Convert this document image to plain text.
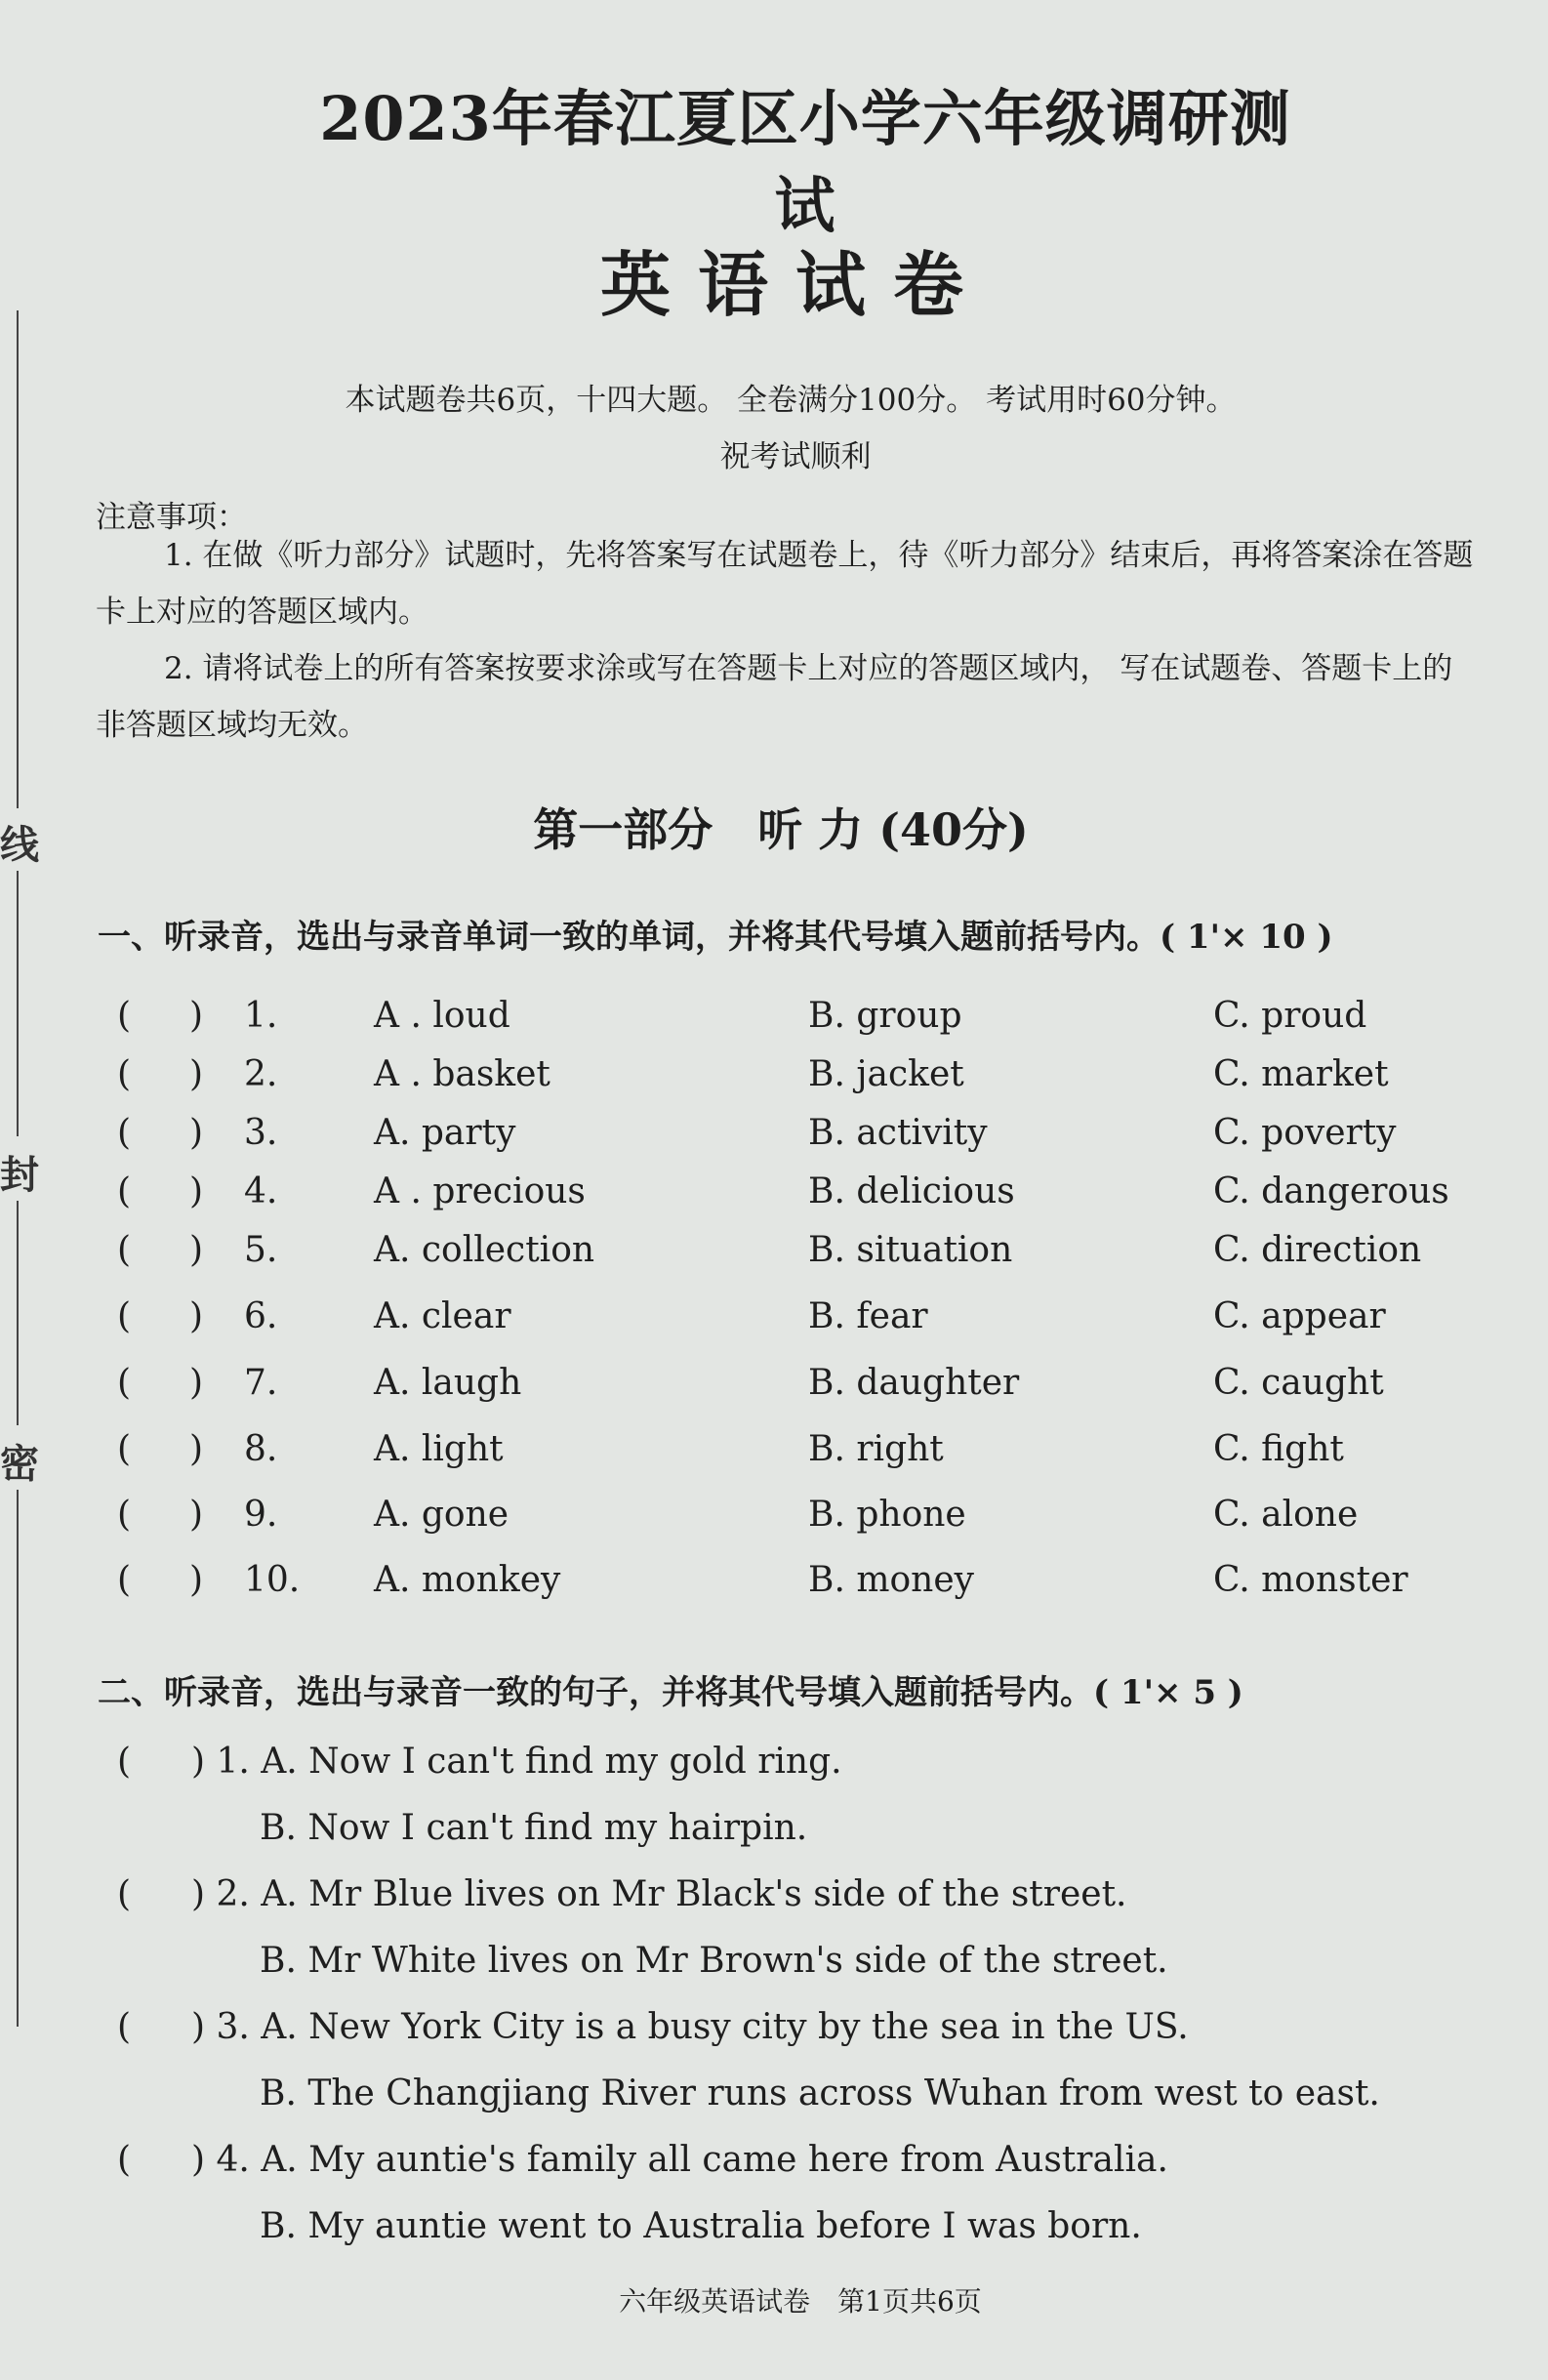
线
封
密
2023年春江夏区小学六年级调研测试
英语试卷
本试题卷共6页，十四大题。 全卷满分100分。 考试用时60分钟。
祝考试顺利
注意事项：
1. 在做《听力部分》试题时，先将答案写在试题卷上，待《听力部分》结束后，再将答案涂在答题卡上对应的答题区域内。
2. 请将试卷上的所有答案按要求涂或写在答题卡上对应的答题区域内， 写在试题卷、答题卡上的非答题区域均无效。
第一部分　听 力 (40分)
一、听录音，选出与录音单词一致的单词，并将其代号填入题前括号内。( 1'× 10 )
( ) 1.	A . loud	B. group	C. proud
( ) 2.	A . basket	B. jacket	C. market
( ) 3.	A. party	B. activity	C. poverty
( ) 4.	A . precious	B. delicious	C. dangerous
( ) 5.	A. collection	B. situation	C. direction
( ) 6.	A. clear	B. fear	C. appear
( ) 7.	A. laugh	B. daughter	C. caught
( ) 8.	A. light	B. right	C. fight
( ) 9.	A. gone	B. phone	C. alone
( ) 10. A. monkey	B. money	C. monster
二、听录音，选出与录音一致的句子，并将其代号填入题前括号内。( 1'× 5 )
( ) 1. A. Now I can't find my gold ring.
B. Now I can't find my hairpin.
( ) 2. A. Mr Blue lives on Mr Black's side of the street.
B. Mr White lives on Mr Brown's side of the street.
( ) 3. A. New York City is a busy city by the sea in the US.
B. The Changjiang River runs across Wuhan from west to east.
( ) 4. A. My auntie's family all came here from Australia.
B. My auntie went to Australia before I was born.
六年级英语试卷　第1页共6页
